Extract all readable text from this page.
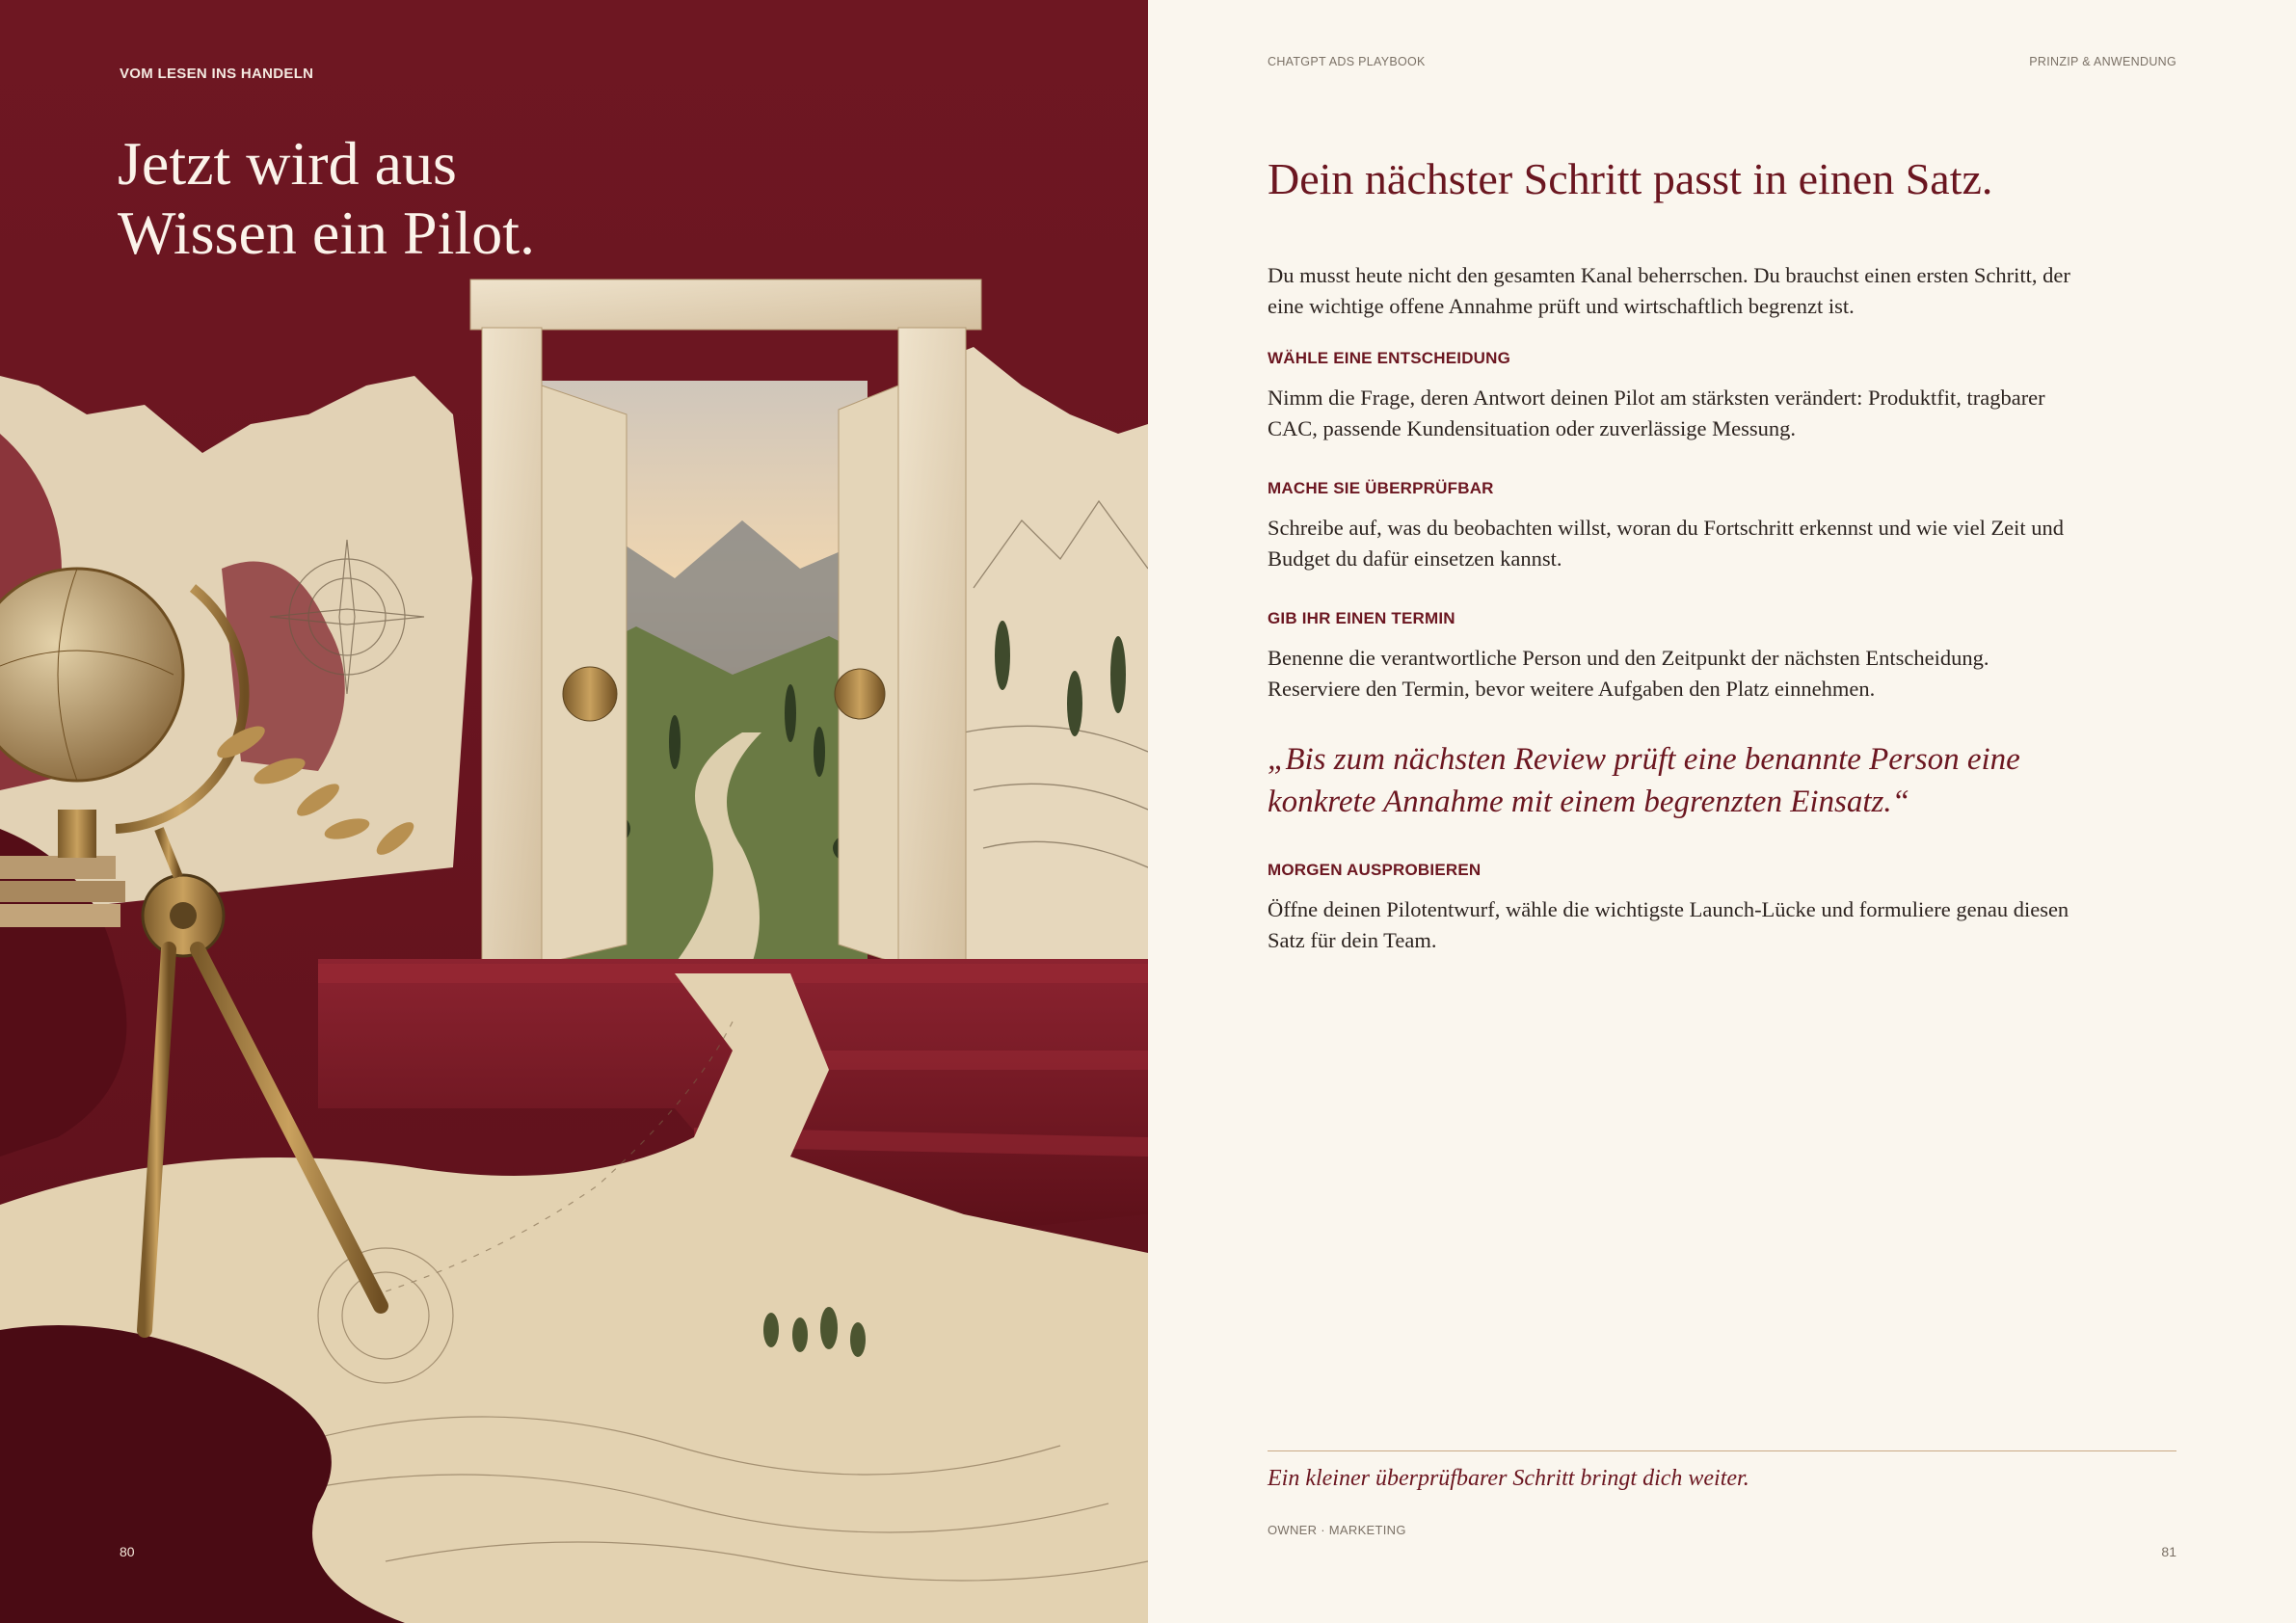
VOM LESEN INS HANDELN
Jetzt wird aus
Wissen ein Pilot.
80
CHATGPT ADS PLAYBOOK	PRINZIP & ANWENDUNG
Dein nächster Schritt passt in einen Satz.

Du musst heute nicht den gesamten Kanal beherrschen. Du brauchst einen ersten Schritt, der
eine wichtige offene Annahme prüft und wirtschaftlich begrenzt ist.

WÄHLE EINE ENTSCHEIDUNG

Nimm die Frage, deren Antwort deinen Pilot am stärksten verändert: Produktfit, tragbarer
CAC, passende Kundensituation oder zuverlässige Messung.

MACHE SIE ÜBERPRÜFBAR

Schreibe auf, was du beobachten willst, woran du Fortschritt erkennst und wie viel Zeit und
Budget du dafür einsetzen kannst.

GIB IHR EINEN TERMIN

Benenne die verantwortliche Person und den Zeitpunkt der nächsten Entscheidung.
Reserviere den Termin, bevor weitere Aufgaben den Platz einnehmen.

„Bis zum nächsten Review prüft eine benannte Person eine
konkrete Annahme mit einem begrenzten Einsatz.“

MORGEN AUSPROBIEREN

Öffne deinen Pilotentwurf, wähle die wichtigste Launch-Lücke und formuliere genau diesen
Satz für dein Team.

Ein kleiner überprüfbarer Schritt bringt dich weiter.

OWNER · MARKETING
81
